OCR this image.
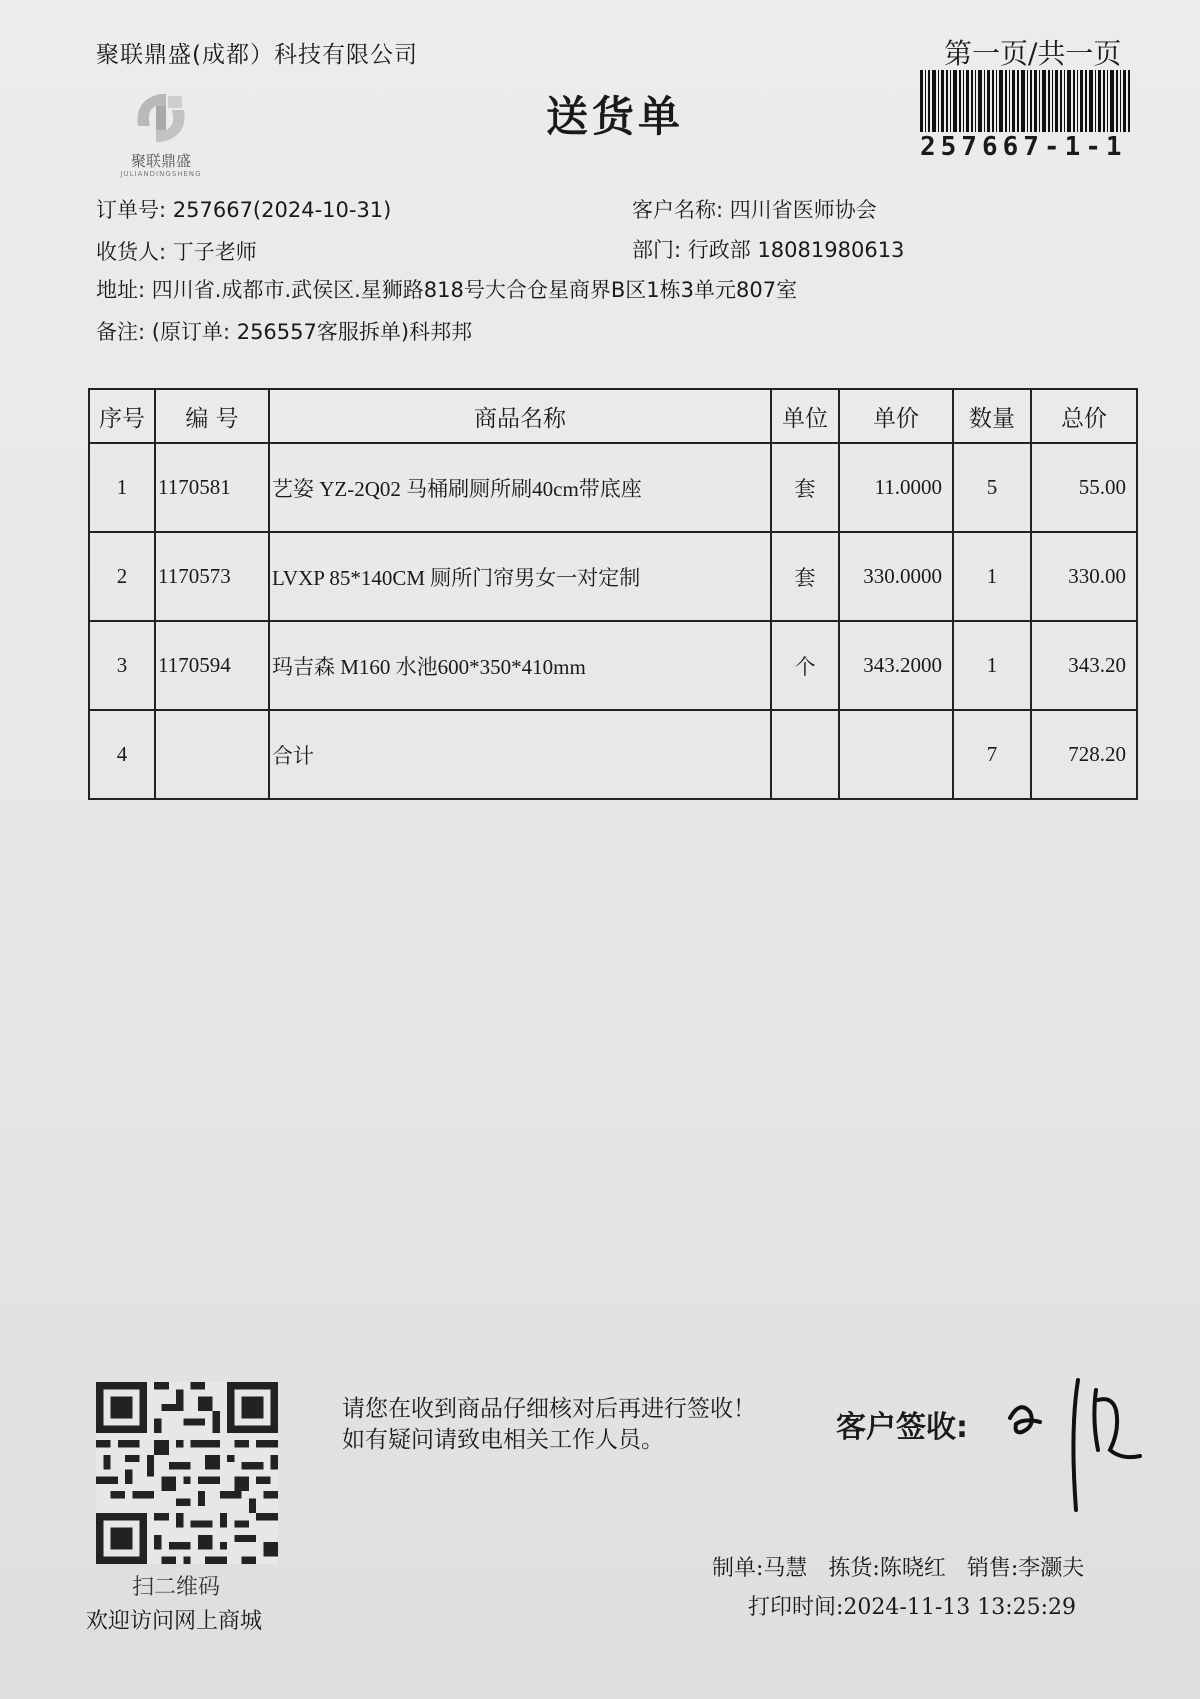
聚联鼎盛(成都）科技有限公司	第一页/共一页
送货单
聚联鼎盛
JULIANDINGSHENG
257667-1-1
订单号: 257667(2024-10-31)	客户名称: 四川省医师协会
收货人: 丁子老师	部门: 行政部 18081980613
地址: 四川省.成都市.武侯区.星狮路818号大合仓星商界B区1栋3单元807室
备注: (原订单: 256557客服拆单)科邦邦
序号	编 号	商品名称	单位	单价	数量	总价
1	1170581	艺姿 YZ-2Q02 马桶刷厕所刷40cm带底座	套	11.0000	5	55.00
2	1170573	LVXP 85*140CM 厕所门帘男女一对定制	套	330.0000	1	330.00
3	1170594	玛吉森 M160 水池600*350*410mm	个	343.2000	1	343.20
4		合计			7	728.20
扫二维码
欢迎访问网上商城
请您在收到商品仔细核对后再进行签收！如有疑问请致电相关工作人员。	客户签收:
制单:马慧 拣货:陈晓红 销售:李灏夫
打印时间:2024-11-13 13:25:29
